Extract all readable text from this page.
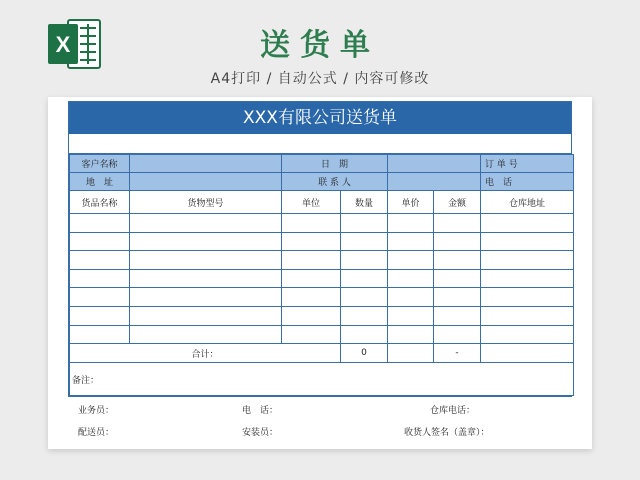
X	送货单
A4打印 / 自动公式 / 内容可修改
XXX有限公司送货单
客户名称		日　期				订 单 号
地　址		联 系 人				电　话
货品名称	货物型号	单位	数量	单价	金额	仓库地址

合计：			0		-	
备注：						
业务员：	电　话：	仓库电话：
配送员：	安装员：	收货人签名（盖章）：
